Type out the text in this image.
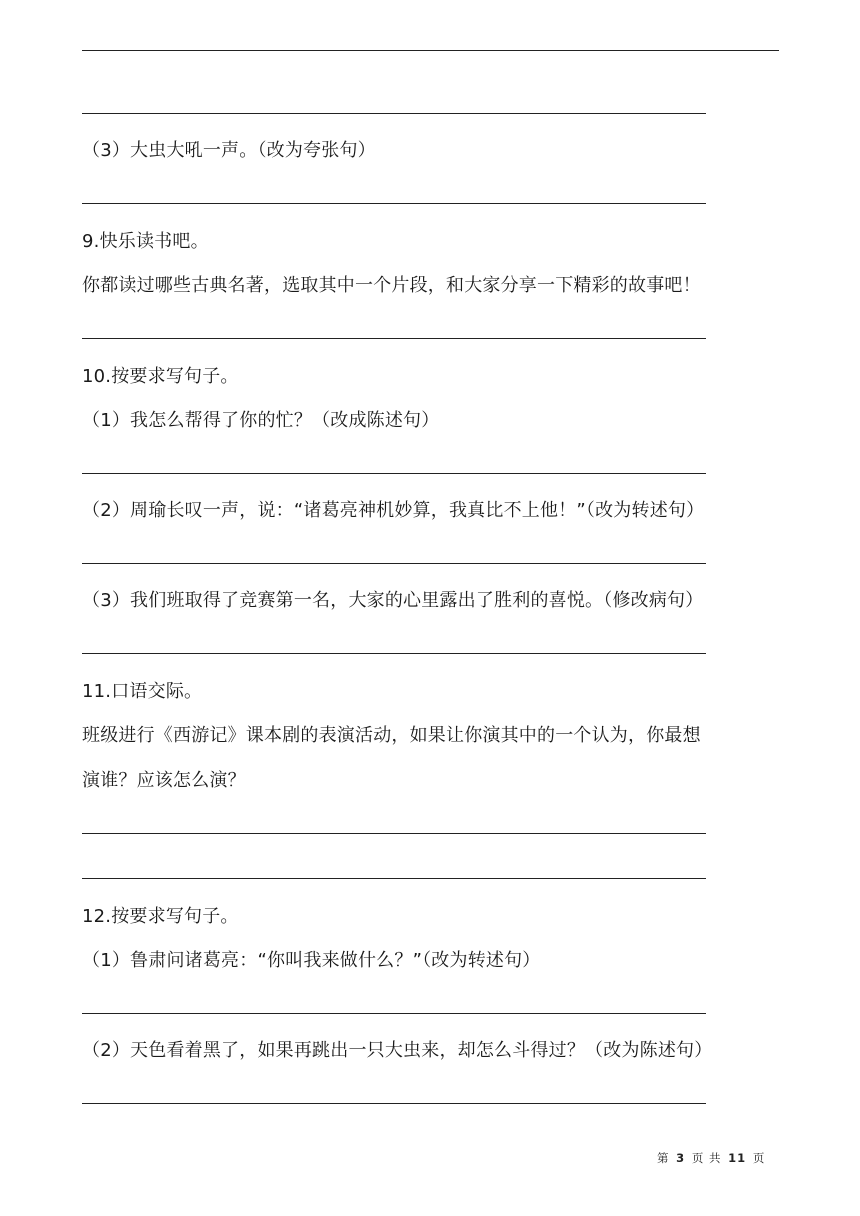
（3）大虫大吼一声。（改为夸张句）
9.快乐读书吧。
你都读过哪些古典名著，选取其中一个片段，和大家分享一下精彩的故事吧！
10.按要求写句子。
（1）我怎么帮得了你的忙？（改成陈述句）
（2）周瑜长叹一声，说：“诸葛亮神机妙算，我真比不上他！”（改为转述句）
（3）我们班取得了竞赛第一名，大家的心里露出了胜利的喜悦。（修改病句）
11.口语交际。
班级进行《西游记》课本剧的表演活动，如果让你演其中的一个认为，你最想
演谁？应该怎么演？
12.按要求写句子。
（1）鲁肃问诸葛亮：“你叫我来做什么？”（改为转述句）
（2）天色看着黑了，如果再跳出一只大虫来，却怎么斗得过？（改为陈述句）
第 3 页 共 11 页
